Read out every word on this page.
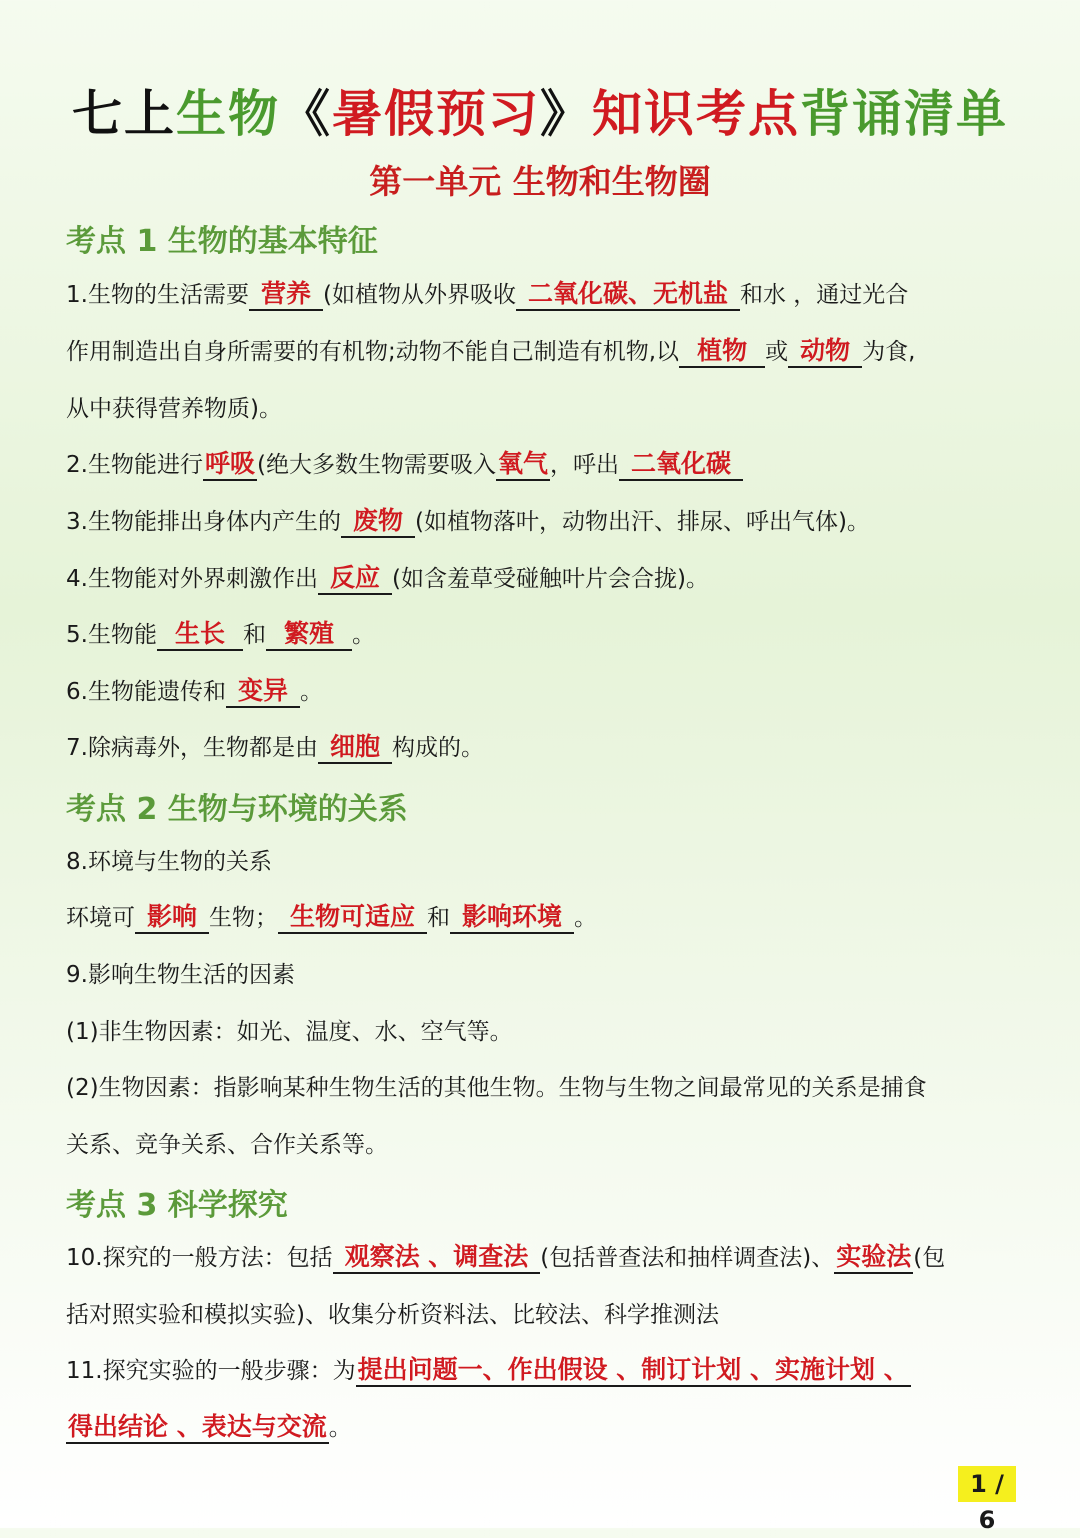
七上生物《暑假预习》知识考点背诵清单
第一单元 生物和生物圈
考点 1 生物的基本特征
1.生物的生活需要 营养 (如植物从外界吸收 二氧化碳、无机盐 和水 ，通过光合
作用制造出自身所需要的有机物;动物不能自己制造有机物,以 植物 或 动物 为食,
从中获得营养物质)。
2.生物能进行呼吸(绝大多数生物需要吸入氧气，呼出 二氧化碳
3.生物能排出身体内产生的 废物 (如植物落叶，动物出汗、排尿、呼出气体)。
4.生物能对外界刺激作出 反应 (如含羞草受碰触叶片会合拢)。
5.生物能 生长 和 繁殖 。
6.生物能遗传和 变异 。
7.除病毒外，生物都是由 细胞 构成的。
考点 2 生物与环境的关系
8.环境与生物的关系
环境可 影响 生物； 生物可适应 和 影响环境 。
9.影响生物生活的因素
(1)非生物因素：如光、温度、水、空气等。
(2)生物因素：指影响某种生物生活的其他生物。生物与生物之间最常见的关系是捕食
关系、竞争关系、合作关系等。
考点 3 科学探究
10.探究的一般方法：包括 观察法 、调查法 (包括普查法和抽样调查法)、实验法(包
括对照实验和模拟实验)、收集分析资料法、比较法、科学推测法
11.探究实验的一般步骤：为提出问题一、作出假设 、制订计划 、实施计划 、
得出结论 、表达与交流。
1 / 6
